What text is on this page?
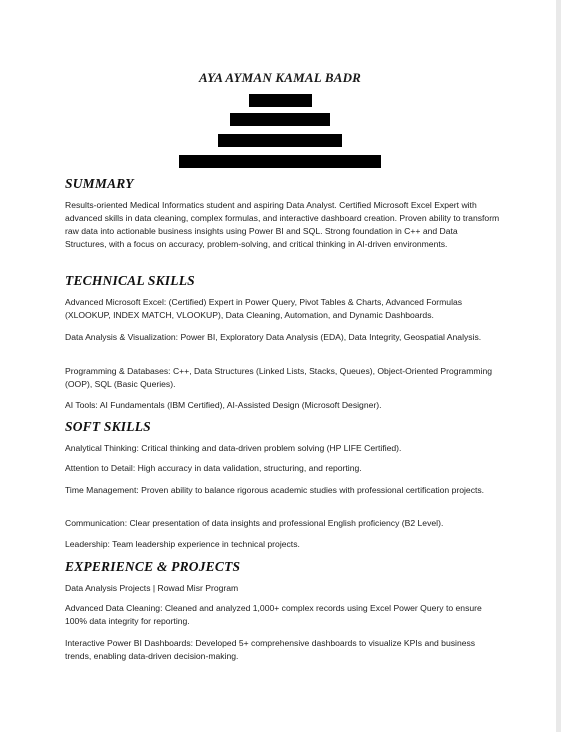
AYA AYMAN KAMAL BADR
SUMMARY
Results-oriented Medical Informatics student and aspiring Data Analyst. Certified Microsoft Excel Expert with advanced skills in data cleaning, complex formulas, and interactive dashboard creation. Proven ability to transform raw data into actionable business insights using Power BI and SQL. Strong foundation in C++ and Data Structures, with a focus on accuracy, problem-solving, and critical thinking in AI-driven environments.
TECHNICAL SKILLS
Advanced Microsoft Excel: (Certified) Expert in Power Query, Pivot Tables & Charts, Advanced Formulas (XLOOKUP, INDEX MATCH, VLOOKUP), Data Cleaning, Automation, and Dynamic Dashboards.
Data Analysis & Visualization: Power BI, Exploratory Data Analysis (EDA), Data Integrity, Geospatial Analysis.
Programming & Databases: C++, Data Structures (Linked Lists, Stacks, Queues), Object-Oriented Programming (OOP), SQL (Basic Queries).
AI Tools: AI Fundamentals (IBM Certified), AI-Assisted Design (Microsoft Designer).
SOFT SKILLS
Analytical Thinking: Critical thinking and data-driven problem solving (HP LIFE Certified).
Attention to Detail: High accuracy in data validation, structuring, and reporting.
Time Management: Proven ability to balance rigorous academic studies with professional certification projects.
Communication: Clear presentation of data insights and professional English proficiency (B2 Level).
Leadership: Team leadership experience in technical projects.
EXPERIENCE & PROJECTS
Data Analysis Projects | Rowad Misr Program
Advanced Data Cleaning: Cleaned and analyzed 1,000+ complex records using Excel Power Query to ensure 100% data integrity for reporting.
Interactive Power BI Dashboards: Developed 5+ comprehensive dashboards to visualize KPIs and business trends, enabling data-driven decision-making.
